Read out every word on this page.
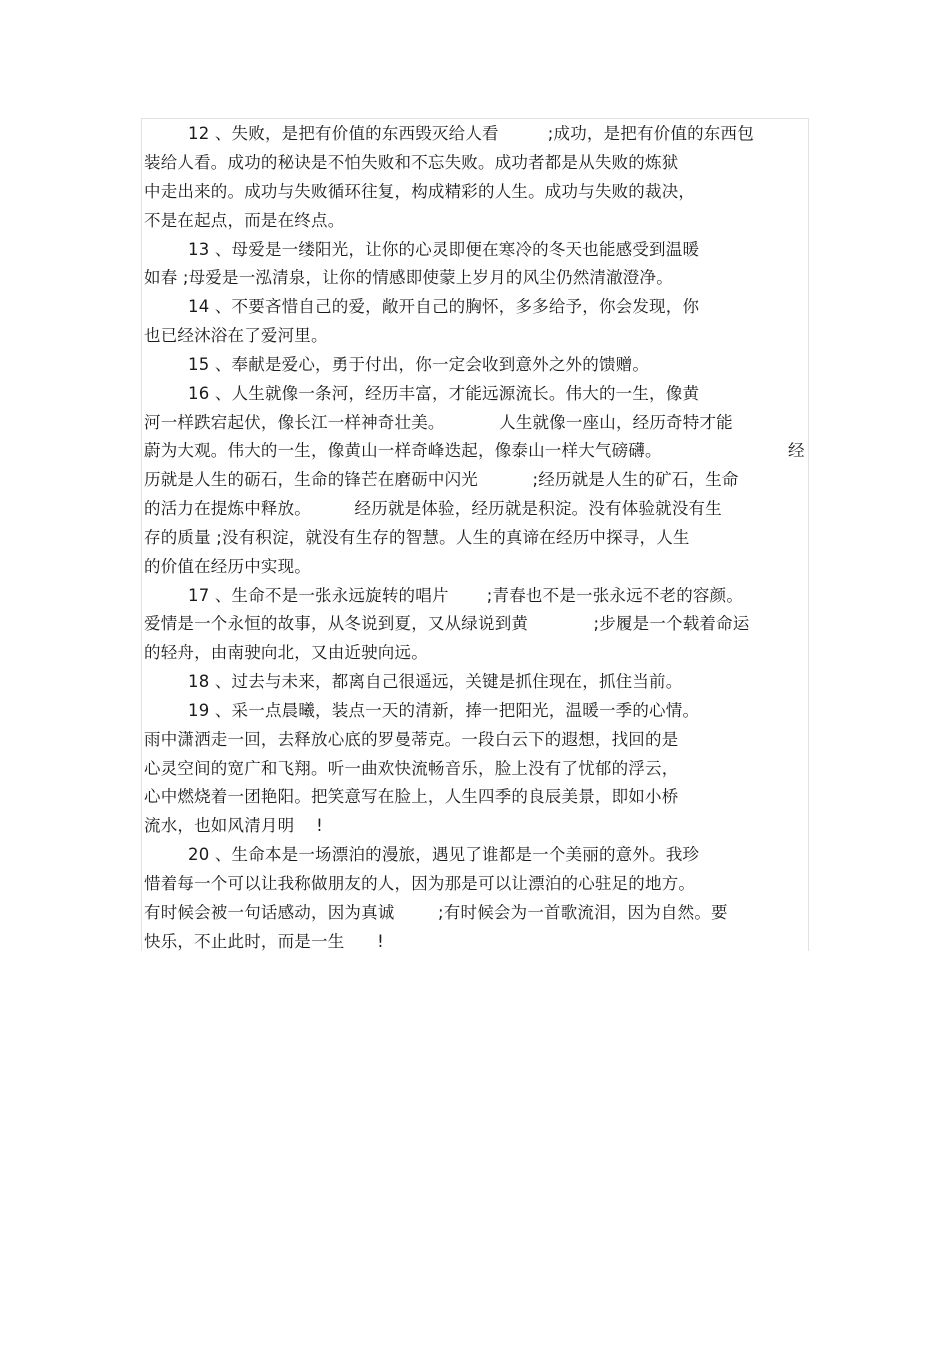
12 、失败，是把有价值的东西毁灭给人看         ;成功，是把有价值的东西包
装给人看。成功的秘诀是不怕失败和不忘失败。成功者都是从失败的炼狱
中走出来的。成功与失败循环往复，构成精彩的人生。成功与失败的裁决，
不是在起点，而是在终点。
13 、母爱是一缕阳光，让你的心灵即便在寒冷的冬天也能感受到温暖
如春 ;母爱是一泓清泉，让你的情感即使蒙上岁月的风尘仍然清澈澄净。
14 、不要吝惜自己的爱，敞开自己的胸怀，多多给予，你会发现，你
也已经沐浴在了爱河里。
15 、奉献是爱心，勇于付出，你一定会收到意外之外的馈赠。
16 、人生就像一条河，经历丰富，才能远源流长。伟大的一生，像黄
河一样跌宕起伏，像长江一样神奇壮美。          人生就像一座山，经历奇特才能
蔚为大观。伟大的一生，像黄山一样奇峰迭起，像泰山一样大气磅礴。	经
历就是人生的砺石，生命的锋芒在磨砺中闪光          ;经历就是人生的矿石，生命
的活力在提炼中释放。        经历就是体验，经历就是积淀。没有体验就没有生
存的质量 ;没有积淀，就没有生存的智慧。人生的真谛在经历中探寻，人生
的价值在经历中实现。
17 、生命不是一张永远旋转的唱片       ;青春也不是一张永远不老的容颜。
爱情是一个永恒的故事，从冬说到夏，又从绿说到黄            ;步履是一个载着命运
的轻舟，由南驶向北，又由近驶向远。
18 、过去与未来，都离自己很遥远，关键是抓住现在，抓住当前。
19 、采一点晨曦，装点一天的清新，捧一把阳光，温暖一季的心情。
雨中潇洒走一回，去释放心底的罗曼蒂克。一段白云下的遐想，找回的是
心灵空间的宽广和飞翔。听一曲欢快流畅音乐，脸上没有了忧郁的浮云，
心中燃烧着一团艳阳。把笑意写在脸上，人生四季的良辰美景，即如小桥
流水，也如风清月明    !
20 、生命本是一场漂泊的漫旅，遇见了谁都是一个美丽的意外。我珍
惜着每一个可以让我称做朋友的人，因为那是可以让漂泊的心驻足的地方。
有时候会被一句话感动，因为真诚        ;有时候会为一首歌流泪，因为自然。要
快乐，不止此时，而是一生      !
